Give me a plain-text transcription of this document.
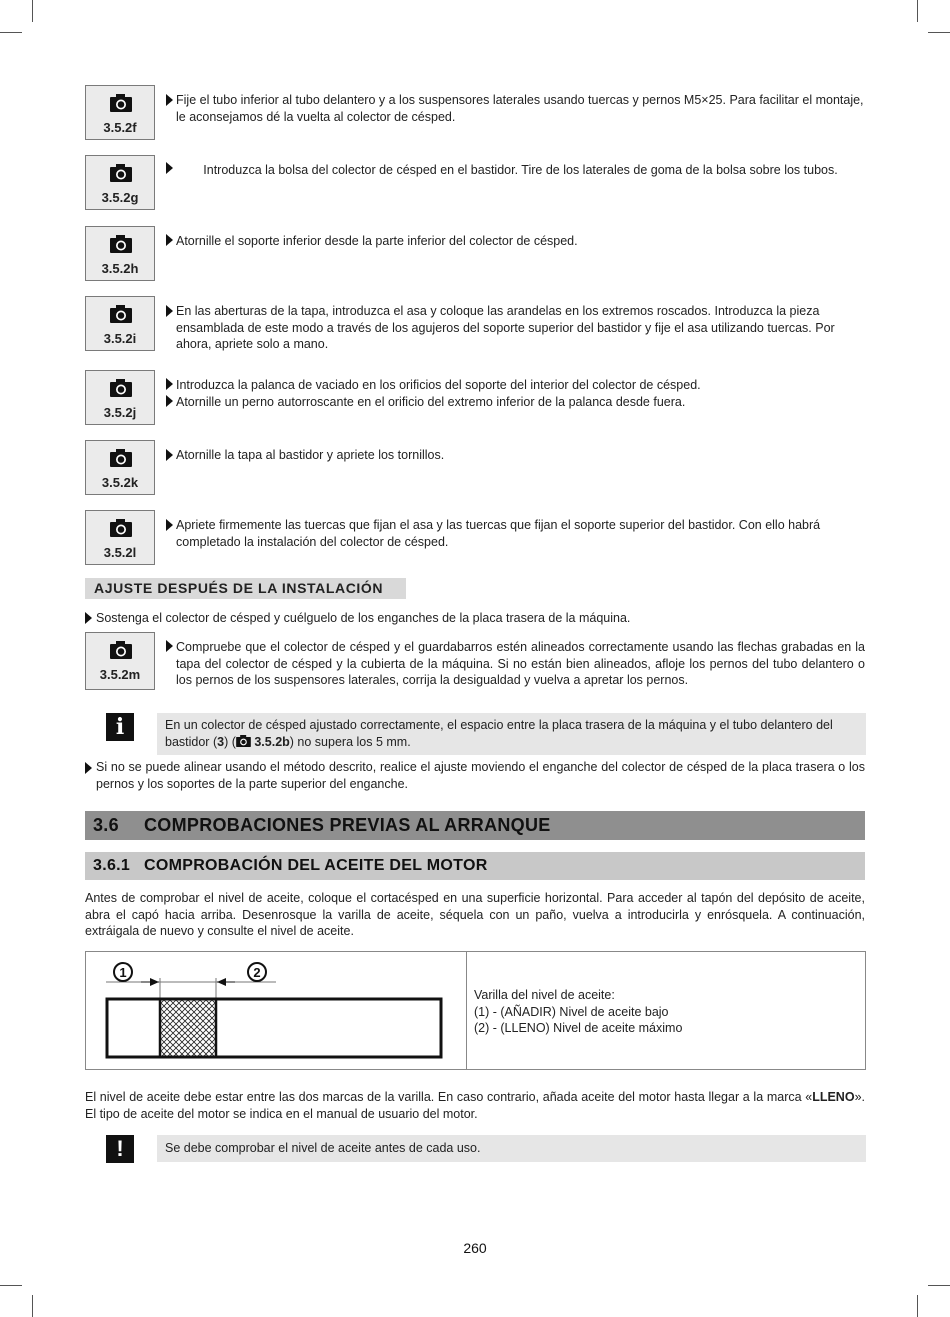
3.5.2f
Fije el tubo inferior al tubo delantero y a los suspensores laterales usando tuercas y pernos M5×25. Para facilitar el montaje, le aconsejamos dé la vuelta al colector de césped.
3.5.2g
Introduzca la bolsa del colector de césped en el bastidor. Tire de los laterales de goma de la bolsa sobre los tubos.
3.5.2h
Atornille el soporte inferior desde la parte inferior del colector de césped.
3.5.2i
En las aberturas de la tapa, introduzca el asa y coloque las arandelas en los extremos roscados. Introduzca la pieza ensamblada de este modo a través de los agujeros del soporte superior del bastidor y fije el asa utilizando tuercas. Por ahora, apriete solo a mano.
3.5.2j
Introduzca la palanca de vaciado en los orificios del soporte del interior del colector de césped.
Atornille un perno autorroscante en el orificio del extremo inferior de la palanca desde fuera.
3.5.2k
Atornille la tapa al bastidor y apriete los tornillos.
3.5.2l
Apriete firmemente las tuercas que fijan el asa y las tuercas que fijan el soporte superior del bastidor. Con ello habrá completado la instalación del colector de césped.
AJUSTE DESPUÉS DE LA INSTALACIÓN
Sostenga el colector de césped y cuélguelo de los enganches de la placa trasera de la máquina.
3.5.2m
Compruebe que el colector de césped y el guardabarros estén alineados correctamente usando las flechas grabadas en la tapa del colector de césped y la cubierta de la máquina. Si no están bien alineados, afloje los pernos del tubo delantero o los pernos de los suspensores laterales, corrija la desigualdad y vuelva a apretar los pernos.
i	En un colector de césped ajustado correctamente, el espacio entre la placa trasera de la máquina y el tubo delantero del bastidor (3) ( 3.5.2b) no supera los 5 mm.
Si no se puede alinear usando el método descrito, realice el ajuste moviendo el enganche del colector de césped de la placa trasera o los pernos y los soportes de la parte superior del enganche.
3.6 COMPROBACIONES PREVIAS AL ARRANQUE
3.6.1 COMPROBACIÓN DEL ACEITE DEL MOTOR
Antes de comprobar el nivel de aceite, coloque el cortacésped en una superficie horizontal. Para acceder al tapón del depósito de aceite, abra el capó hacia arriba. Desenrosque la varilla de aceite, séquela con un paño, vuelva a introducirla y enrósquela. A continuación, extráigala de nuevo y consulte el nivel de aceite.
1	2
Varilla del nivel de aceite:
(1) - (AÑADIR) Nivel de aceite bajo
(2) - (LLENO) Nivel de aceite máximo
El nivel de aceite debe estar entre las dos marcas de la varilla. En caso contrario, añada aceite del motor hasta llegar a la marca «LLENO». El tipo de aceite del motor se indica en el manual de usuario del motor.
!	Se debe comprobar el nivel de aceite antes de cada uso.
260
